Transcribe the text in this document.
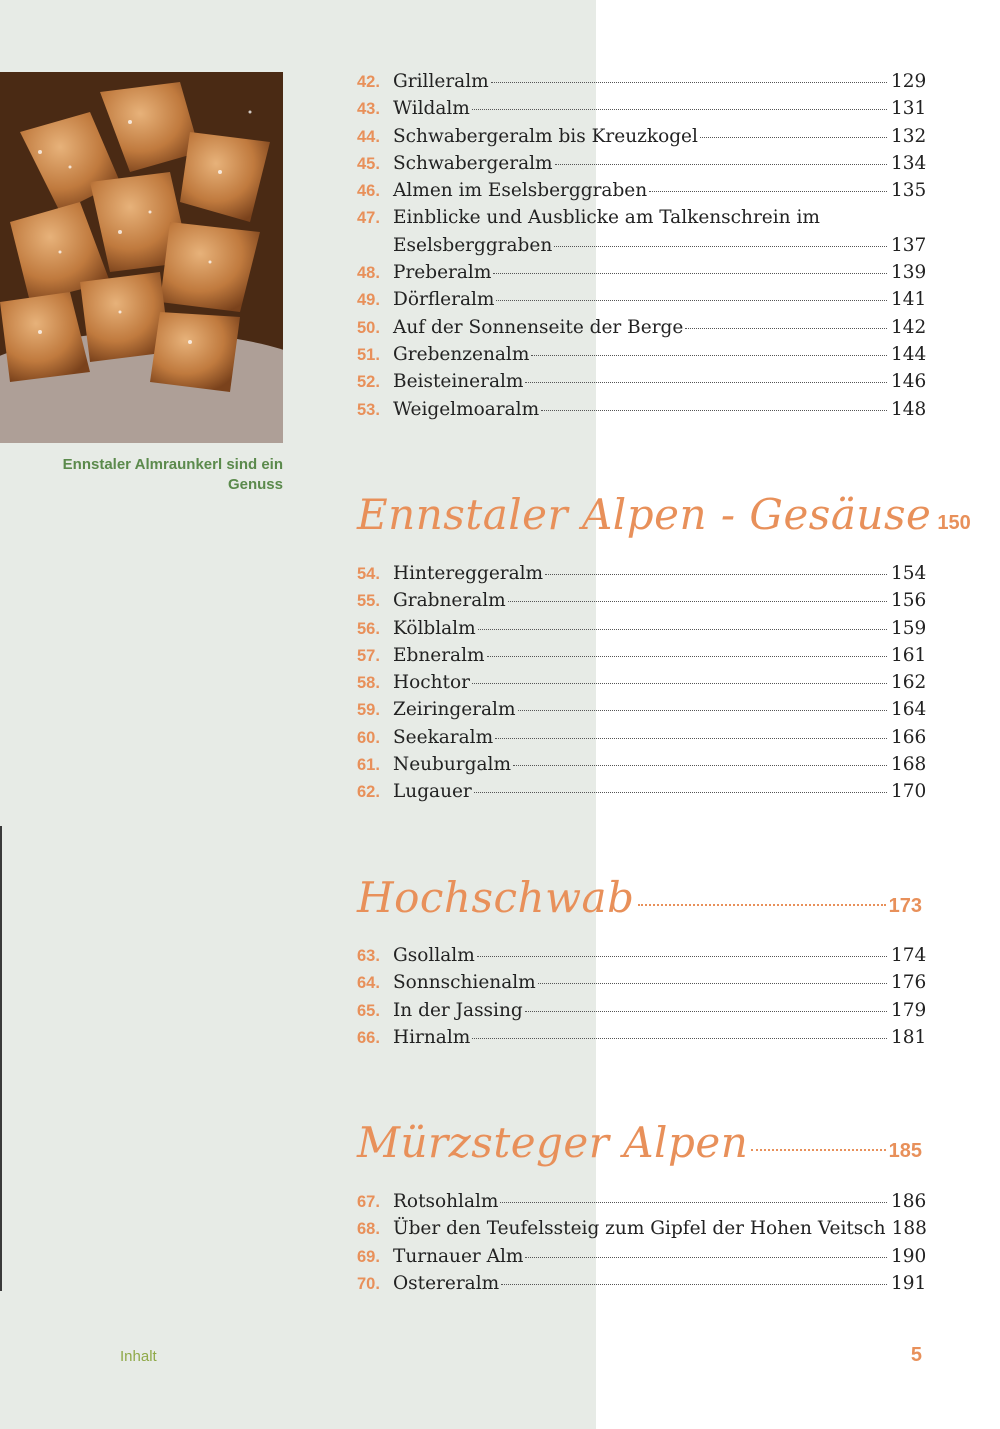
Ennstaler Almraunkerl sind ein Genuss
42. Grilleralm	129
43. Wildalm	131
44. Schwabergeralm bis Kreuzkogel	132
45. Schwabergeralm	134
46. Almen im Eselsberggraben	135
47. Einblicke und Ausblicke am Talkenschrein im
Eselsberggraben	137
48. Preberalm	139
49. Dörfleralm	141
50. Auf der Sonnenseite der Berge	142
51. Grebenzenalm	144
52. Beisteineralm	146
53. Weigelmoaralm	148
Ennstaler Alpen - Gesäuse 150
54. Hintereggeralm	154
55. Grabneralm	156
56. Kölblalm	159
57. Ebneralm	161
58. Hochtor	162
59. Zeiringeralm	164
60. Seekaralm	166
61. Neuburgalm	168
62. Lugauer	170
Hochschwab	173
63. Gsollalm	174
64. Sonnschienalm	176
65. In der Jassing	179
66. Hirnalm	181
Mürzsteger Alpen	185
67. Rotsohlalm	186
68. Über den Teufelssteig zum Gipfel der Hohen Veitsch 188
69. Turnauer Alm	190
70. Ostereralm	191
Inhalt	5
